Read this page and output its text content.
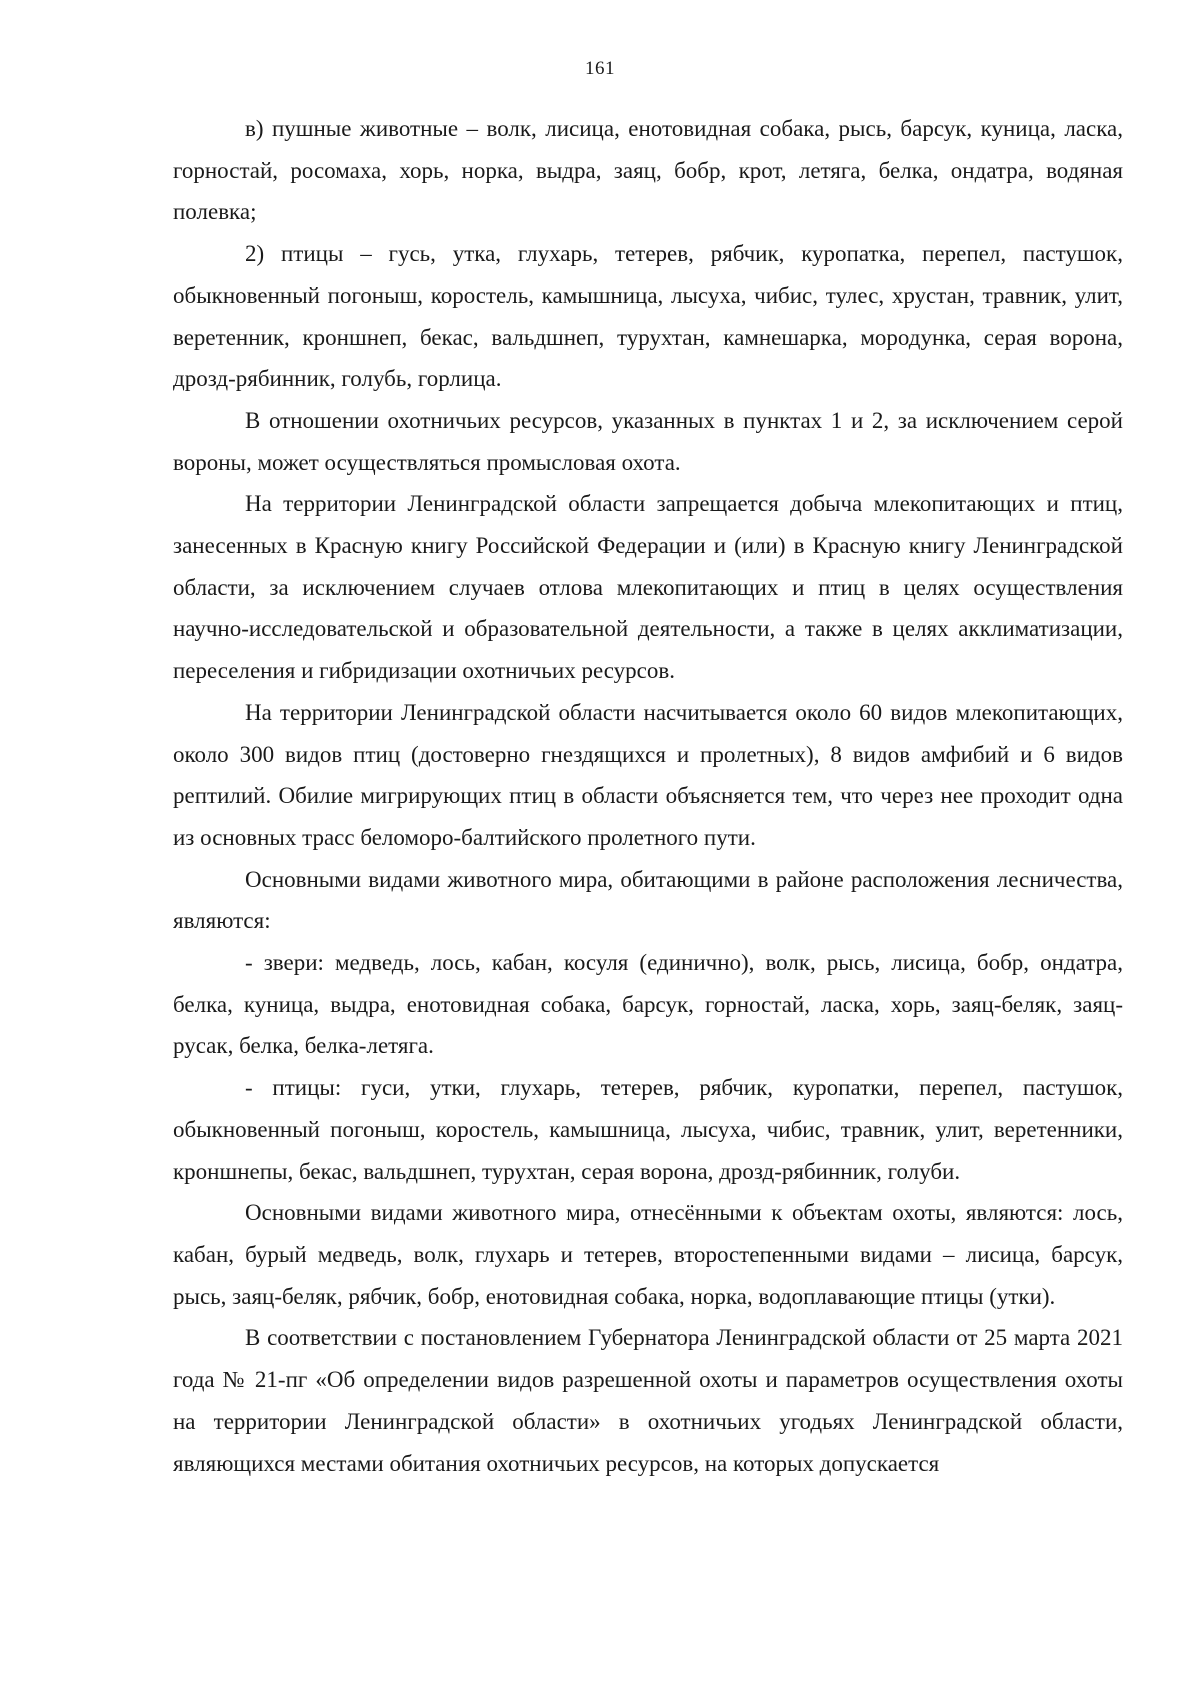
161

в) пушные животные – волк, лисица, енотовидная собака, рысь, барсук, куница, ласка, горностай, росомаха, хорь, норка, выдра, заяц, бобр, крот, летяга, белка, ондатра, водяная полевка;

2) птицы – гусь, утка, глухарь, тетерев, рябчик, куропатка, перепел, пастушок, обыкновенный погоныш, коростель, камышница, лысуха, чибис, тулес, хрустан, травник, улит, веретенник, кроншнеп, бекас, вальдшнеп, турухтан, камнешарка, мородунка, серая ворона, дрозд-рябинник, голубь, горлица.

В отношении охотничьих ресурсов, указанных в пунктах 1 и 2, за исключением серой вороны, может осуществляться промысловая охота.

На территории Ленинградской области запрещается добыча млекопитающих и птиц, занесенных в Красную книгу Российской Федерации и (или) в Красную книгу Ленинградской области, за исключением случаев отлова млекопитающих и птиц в целях осуществления научно-исследовательской и образовательной деятельности, а также в целях акклиматизации, переселения и гибридизации охотничьих ресурсов.

На территории Ленинградской области насчитывается около 60 видов млекопитающих, около 300 видов птиц (достоверно гнездящихся и пролетных), 8 видов амфибий и 6 видов рептилий. Обилие мигрирующих птиц в области объясняется тем, что через нее проходит одна из основных трасс беломоро-балтийского пролетного пути.

Основными видами животного мира, обитающими в районе расположения лесничества, являются:

- звери: медведь, лось, кабан, косуля (единично), волк, рысь, лисица, бобр, ондатра, белка, куница, выдра, енотовидная собака, барсук, горностай, ласка, хорь, заяц-беляк, заяц-русак, белка, белка-летяга.

- птицы: гуси, утки, глухарь, тетерев, рябчик, куропатки, перепел, пастушок, обыкновенный погоныш, коростель, камышница, лысуха, чибис, травник, улит, веретенники, кроншнепы, бекас, вальдшнеп, турухтан, серая ворона, дрозд-рябинник, голуби.

Основными видами животного мира, отнесёнными к объектам охоты, являются: лось, кабан, бурый медведь, волк, глухарь и тетерев, второстепенными видами – лисица, барсук, рысь, заяц-беляк, рябчик, бобр, енотовидная собака, норка, водоплавающие птицы (утки).

В соответствии с постановлением Губернатора Ленинградской области от 25 марта 2021 года № 21-пг «Об определении видов разрешенной охоты и параметров осуществления охоты на территории Ленинградской области» в охотничьих угодьях Ленинградской области, являющихся местами обитания охотничьих ресурсов, на которых допускается
